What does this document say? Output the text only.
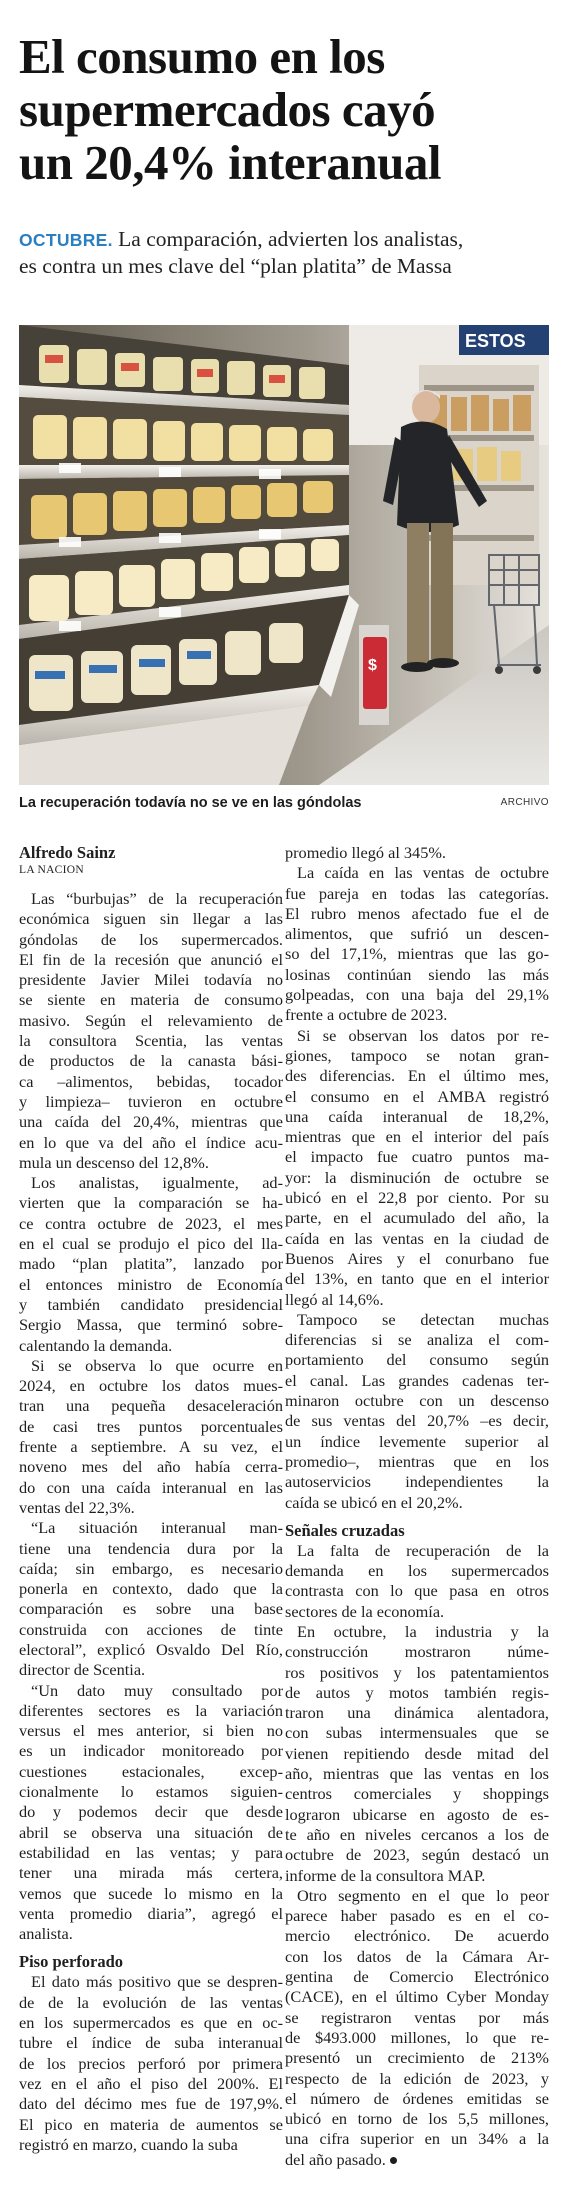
El consumo en los
supermercados cayó
un 20,4% interanual
OCTUBRE. La comparación, advierten los analistas,
es contra un mes clave del “plan platita” de Massa
ESTOS
$
La recuperación todavía no se ve en las góndolas	ARCHIVO
Alfredo Sainz
LA NACION
Las “burbujas” de la recuperación
económica siguen sin llegar a las
góndolas de los supermercados.
El fin de la recesión que anunció el
presidente Javier Milei todavía no
se siente en materia de consumo
masivo. Según el relevamiento de
la consultora Scentia, las ventas
de productos de la canasta bási-
ca –alimentos, bebidas, tocador
y limpieza– tuvieron en octubre
una caída del 20,4%, mientras que
en lo que va del año el índice acu-
mula un descenso del 12,8%.
Los analistas, igualmente, ad-
vierten que la comparación se ha-
ce contra octubre de 2023, el mes
en el cual se produjo el pico del lla-
mado “plan platita”, lanzado por
el entonces ministro de Economía
y también candidato presidencial
Sergio Massa, que terminó sobre-
calentando la demanda.
Si se observa lo que ocurre en
2024, en octubre los datos mues-
tran una pequeña desaceleración
de casi tres puntos porcentuales
frente a septiembre. A su vez, el
noveno mes del año había cerra-
do con una caída interanual en las
ventas del 22,3%.
“La situación interanual man-
tiene una tendencia dura por la
caída; sin embargo, es necesario
ponerla en contexto, dado que la
comparación es sobre una base
construida con acciones de tinte
electoral”, explicó Osvaldo Del Río,
director de Scentia.
“Un dato muy consultado por
diferentes sectores es la variación
versus el mes anterior, si bien no
es un indicador monitoreado por
cuestiones estacionales, excep-
cionalmente lo estamos siguien-
do y podemos decir que desde
abril se observa una situación de
estabilidad en las ventas; y para
tener una mirada más certera,
vemos que sucede lo mismo en la
venta promedio diaria”, agregó el
analista.
Piso perforado
El dato más positivo que se despren-
de de la evolución de las ventas
en los supermercados es que en oc-
tubre el índice de suba interanual
de los precios perforó por primera
vez en el año el piso del 200%. El
dato del décimo mes fue de 197,9%.
El pico en materia de aumentos se
registró en marzo, cuando la suba
promedio llegó al 345%.
La caída en las ventas de octubre
fue pareja en todas las categorías.
El rubro menos afectado fue el de
alimentos, que sufrió un descen-
so del 17,1%, mientras que las go-
losinas continúan siendo las más
golpeadas, con una baja del 29,1%
frente a octubre de 2023.
Si se observan los datos por re-
giones, tampoco se notan gran-
des diferencias. En el último mes,
el consumo en el AMBA registró
una caída interanual de 18,2%,
mientras que en el interior del país
el impacto fue cuatro puntos ma-
yor: la disminución de octubre se
ubicó en el 22,8 por ciento. Por su
parte, en el acumulado del año, la
caída en las ventas en la ciudad de
Buenos Aires y el conurbano fue
del 13%, en tanto que en el interior
llegó al 14,6%.
Tampoco se detectan muchas
diferencias si se analiza el com-
portamiento del consumo según
el canal. Las grandes cadenas ter-
minaron octubre con un descenso
de sus ventas del 20,7% –es decir,
un índice levemente superior al
promedio–, mientras que en los
autoservicios independientes la
caída se ubicó en el 20,2%.
Señales cruzadas
La falta de recuperación de la
demanda en los supermercados
contrasta con lo que pasa en otros
sectores de la economía.
En octubre, la industria y la
construcción mostraron núme-
ros positivos y los patentamientos
de autos y motos también regis-
traron una dinámica alentadora,
con subas intermensuales que se
vienen repitiendo desde mitad del
año, mientras que las ventas en los
centros comerciales y shoppings
lograron ubicarse en agosto de es-
te año en niveles cercanos a los de
octubre de 2023, según destacó un
informe de la consultora MAP.
Otro segmento en el que lo peor
parece haber pasado es en el co-
mercio electrónico. De acuerdo
con los datos de la Cámara Ar-
gentina de Comercio Electrónico
(CACE), en el último Cyber Monday
se registraron ventas por más
de $493.000 millones, lo que re-
presentó un crecimiento de 213%
respecto de la edición de 2023, y
el número de órdenes emitidas se
ubicó en torno de los 5,5 millones,
una cifra superior en un 34% a la
del año pasado.
